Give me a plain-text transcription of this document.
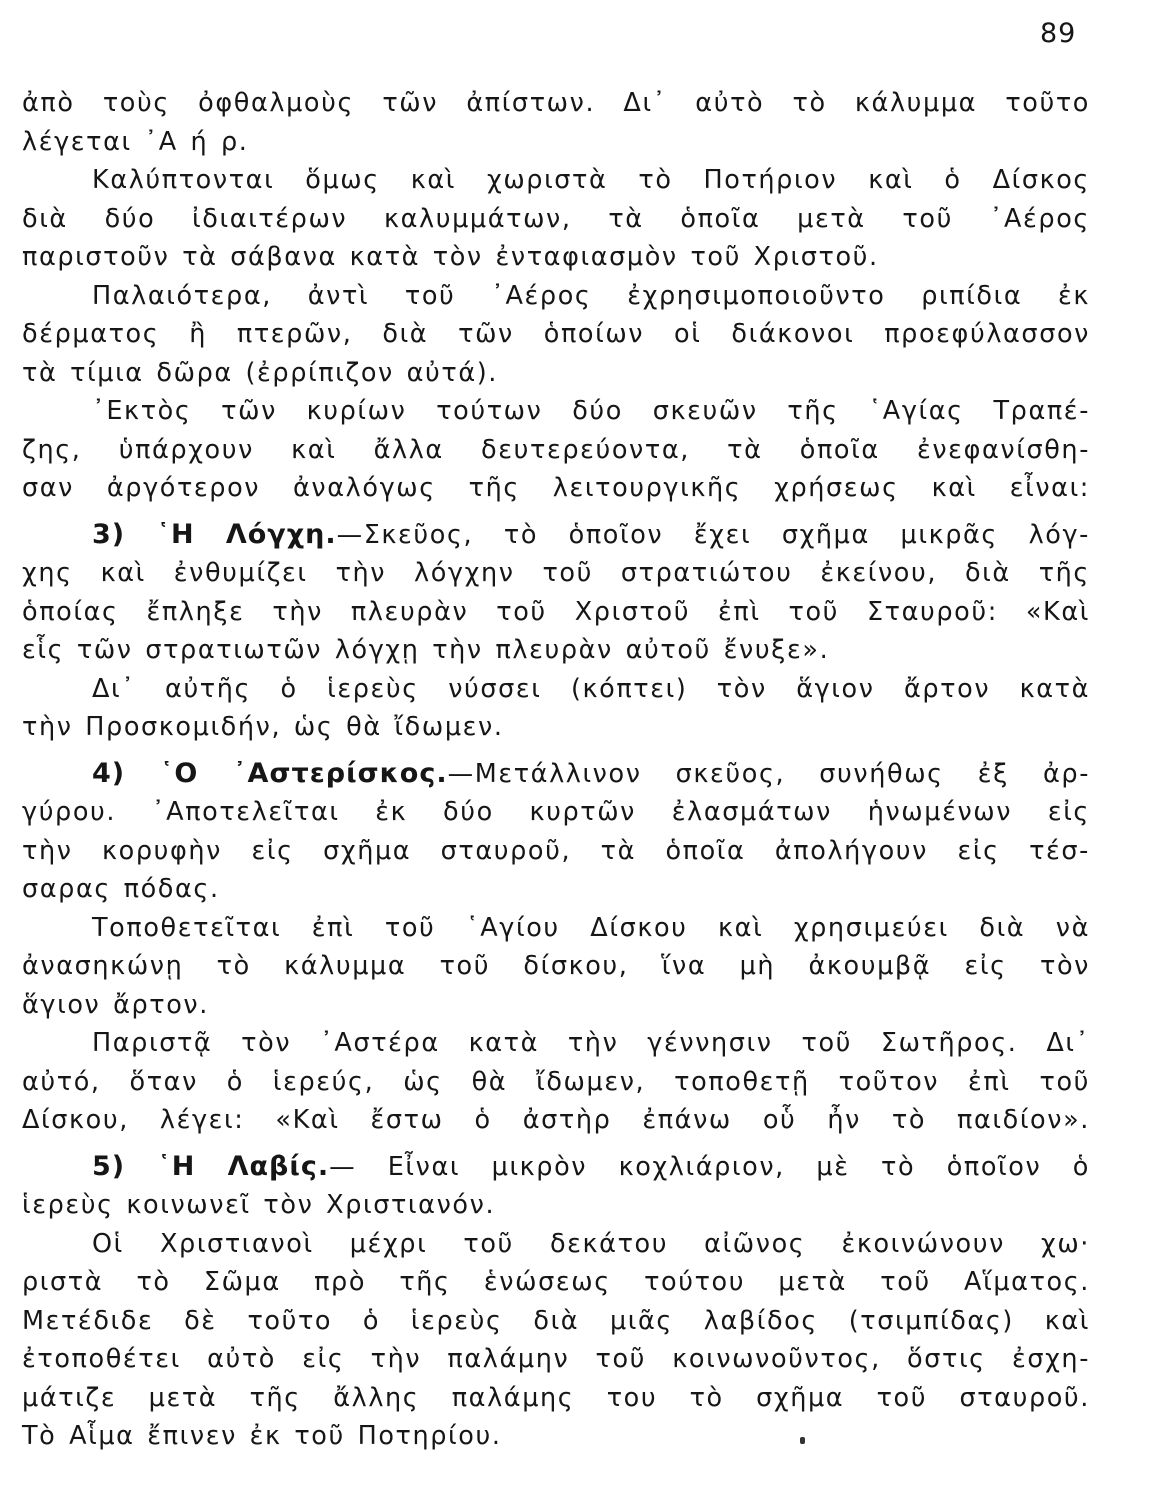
89
ἀπὸ τοὺς ὀφθαλμοὺς τῶν ἀπίστων. Δι᾽ αὐτὸ τὸ κάλυμμα τοῦτο
λέγεται ᾿Α ή ρ.
Καλύπτονται ὅμως καὶ χωριστὰ τὸ Ποτήριον καὶ ὁ Δίσκος
διὰ δύο ἰδιαιτέρων καλυμμάτων, τὰ ὁποῖα μετὰ τοῦ ᾿Αέρος
παριστοῦν τὰ σάβανα κατὰ τὸν ἐνταφιασμὸν τοῦ Χριστοῦ.
Παλαιότερα, ἀντὶ τοῦ ᾿Αέρος ἐχρησιμοποιοῦντο ριπίδια ἐκ
δέρματος ἢ πτερῶν, διὰ τῶν ὁποίων οἱ διάκονοι προεφύλασσον
τὰ τίμια δῶρα (ἐρρίπιζον αὐτά).
᾿Εκτὸς τῶν κυρίων τούτων δύο σκευῶν τῆς ῾Αγίας Τραπέ-
ζης, ὑπάρχουν καὶ ἄλλα δευτερεύοντα, τὰ ὁποῖα ἐνεφανίσθη-
σαν ἀργότερον ἀναλόγως τῆς λειτουργικῆς χρήσεως καὶ εἶναι:
3) ῾Η Λόγχη.—Σκεῦος, τὸ ὁποῖον ἔχει σχῆμα μικρᾶς λόγ-
χης καὶ ἐνθυμίζει τὴν λόγχην τοῦ στρατιώτου ἐκείνου, διὰ τῆς
ὁποίας ἔπληξε τὴν πλευρὰν τοῦ Χριστοῦ ἐπὶ τοῦ Σταυροῦ: «Καὶ
εἷς τῶν στρατιωτῶν λόγχῃ τὴν πλευρὰν αὐτοῦ ἔνυξε».
Δι᾽ αὐτῆς ὁ ἱερεὺς νύσσει (κόπτει) τὸν ἅγιον ἄρτον κατὰ
τὴν Προσκομιδήν, ὡς θὰ ἴδωμεν.
4) ῾Ο ᾿Αστερίσκος.—Μετάλλινον σκεῦος, συνήθως ἐξ ἀρ-
γύρου. ᾿Αποτελεῖται ἐκ δύο κυρτῶν ἐλασμάτων ἡνωμένων εἰς
τὴν κορυφὴν εἰς σχῆμα σταυροῦ, τὰ ὁποῖα ἀπολήγουν εἰς τέσ-
σαρας πόδας.
Τοποθετεῖται ἐπὶ τοῦ ῾Αγίου Δίσκου καὶ χρησιμεύει διὰ νὰ
ἀνασηκώνῃ τὸ κάλυμμα τοῦ δίσκου, ἵνα μὴ ἀκουμβᾷ εἰς τὸν
ἅγιον ἄρτον.
Παριστᾷ τὸν ᾿Αστέρα κατὰ τὴν γέννησιν τοῦ Σωτῆρος. Δι᾽
αὐτό, ὅταν ὁ ἱερεύς, ὡς θὰ ἴδωμεν, τοποθετῇ τοῦτον ἐπὶ τοῦ
Δίσκου, λέγει: «Καὶ ἔστω ὁ ἀστὴρ ἐπάνω οὗ ἦν τὸ παιδίον».
5) ῾Η Λαβίς.— Εἶναι μικρὸν κοχλιάριον, μὲ τὸ ὁποῖον ὁ
ἱερεὺς κοινωνεῖ τὸν Χριστιανόν.
Οἱ Χριστιανοὶ μέχρι τοῦ δεκάτου αἰῶνος ἐκοινώνουν χω·
ριστὰ τὸ Σῶμα πρὸ τῆς ἑνώσεως τούτου μετὰ τοῦ Αἵματος.
Μετέδιδε δὲ τοῦτο ὁ ἱερεὺς διὰ μιᾶς λαβίδος (τσιμπίδας) καὶ
ἐτοποθέτει αὐτὸ εἰς τὴν παλάμην τοῦ κοινωνοῦντος, ὅστις ἐσχη-
μάτιζε μετὰ τῆς ἄλλης παλάμης του τὸ σχῆμα τοῦ σταυροῦ.
Τὸ Αἷμα ἔπινεν ἐκ τοῦ Ποτηρίου.
